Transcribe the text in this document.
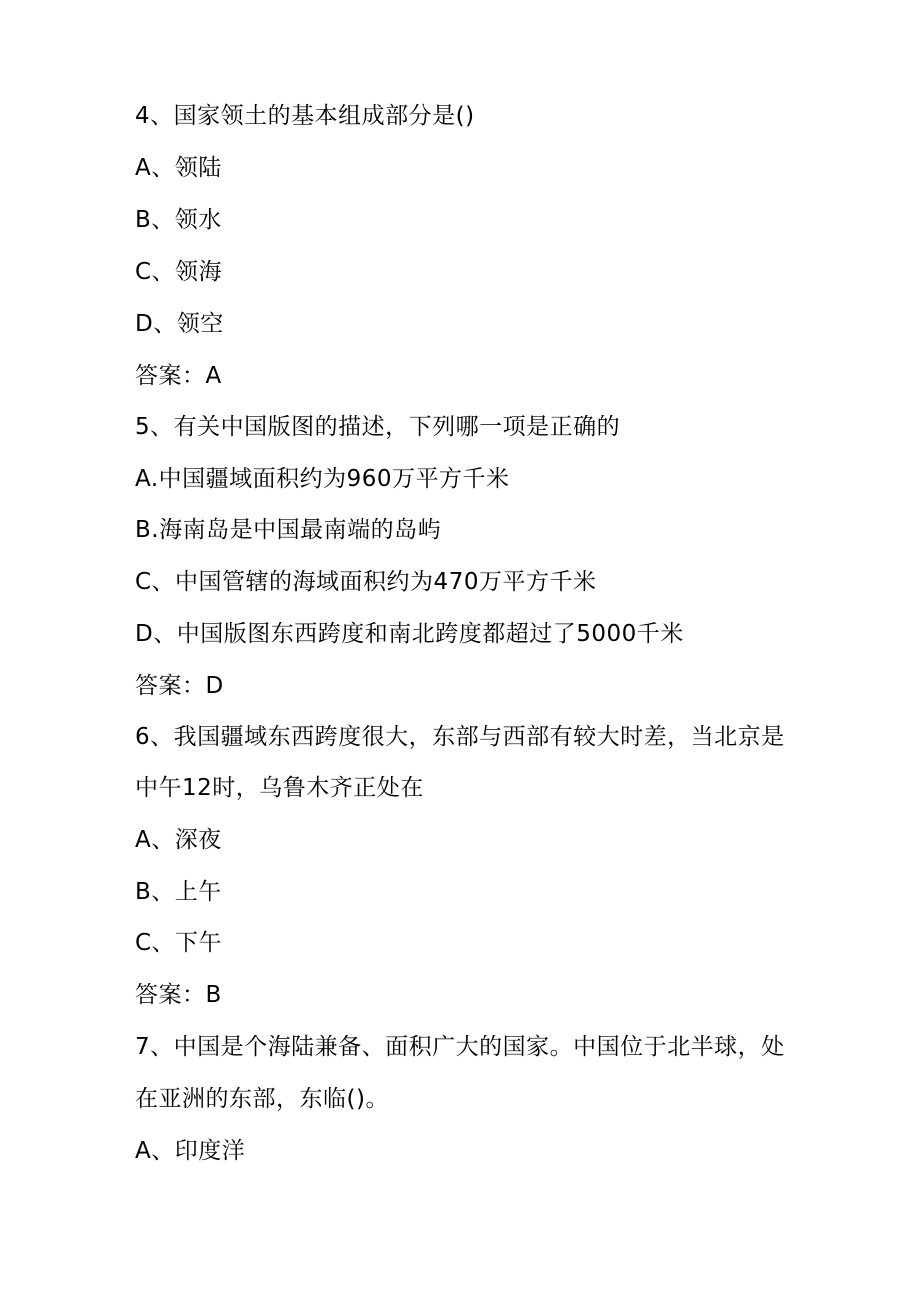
4、国家领土的基本组成部分是()
A、领陆
B、领水
C、领海
D、领空
答案：A
5、有关中国版图的描述，下列哪一项是正确的
A.中国疆域面积约为960万平方千米
B.海南岛是中国最南端的岛屿
C、中国管辖的海域面积约为470万平方千米
D、中国版图东西跨度和南北跨度都超过了5000千米
答案：D
6、我国疆域东西跨度很大，东部与西部有较大时差，当北京是
中午12时，乌鲁木齐正处在
A、深夜
B、上午
C、下午
答案：B
7、中国是个海陆兼备、面积广大的国家。中国位于北半球，处
在亚洲的东部，东临()。
A、印度洋
